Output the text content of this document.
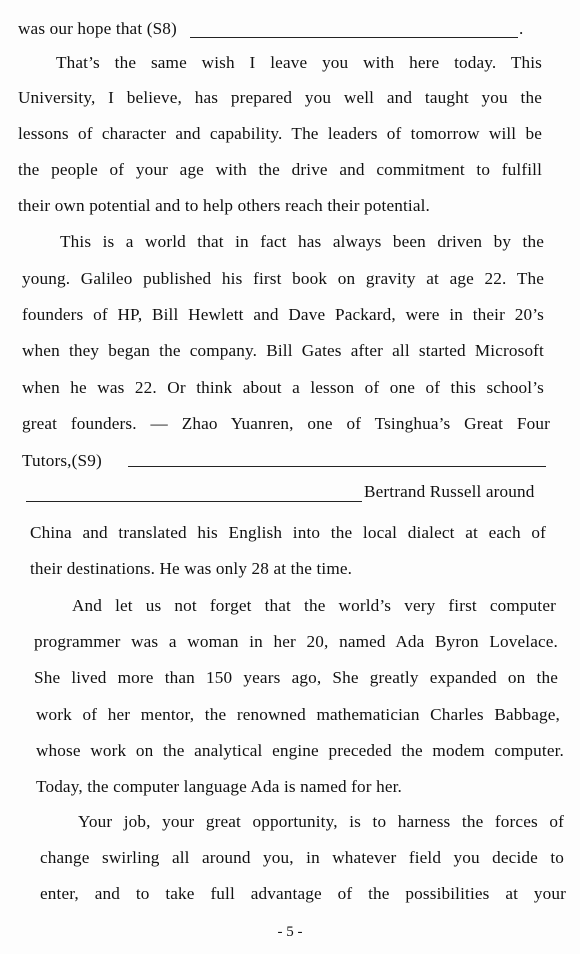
was our hope that (S8)	.
That’s the same wish I leave you with here today. This
University, I believe, has prepared you well and taught you the
lessons of character and capability. The leaders of tomorrow will be
the people of your age with the drive and commitment to fulfill
their own potential and to help others reach their potential.
This is a world that in fact has always been driven by the
young. Galileo published his first book on gravity at age 22. The
founders of HP, Bill Hewlett and Dave Packard, were in their 20’s
when they began the company. Bill Gates after all started Microsoft
when he was 22. Or think about a lesson of one of this school’s
great founders. — Zhao Yuanren, one of Tsinghua’s Great Four
Tutors,(S9)
Bertrand Russell around
China and translated his English into the local dialect at each of
their destinations. He was only 28 at the time.
And let us not forget that the world’s very first computer
programmer was a woman in her 20, named Ada Byron Lovelace.
She lived more than 150 years ago, She greatly expanded on the
work of her mentor, the renowned mathematician Charles Babbage,
whose work on the analytical engine preceded the modem computer.
Today, the computer language Ada is named for her.
Your job, your great opportunity, is to harness the forces of
change swirling all around you, in whatever field you decide to
enter, and to take full advantage of the possibilities at your
- 5 -
